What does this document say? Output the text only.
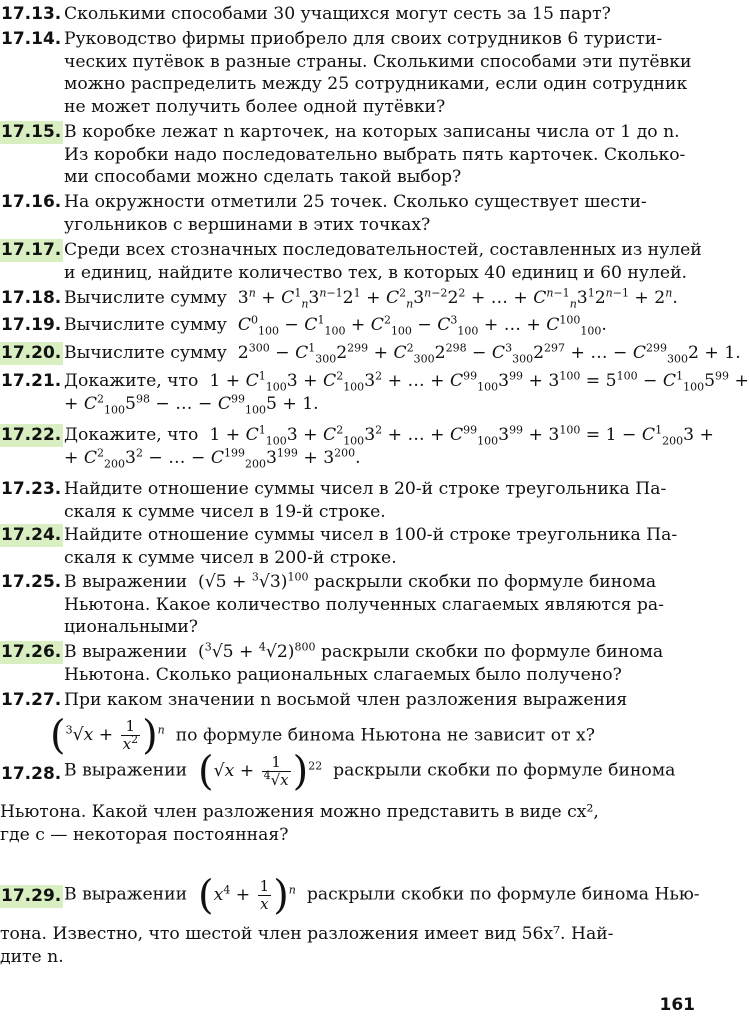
17.13. Сколькими способами 30 учащихся могут сесть за 15 парт?
17.14. Руководство фирмы приобрело для своих сотрудников 6 туристи-
ческих путёвок в разные страны. Сколькими способами эти путёвки
можно распределить между 25 сотрудниками, если один сотрудник
не может получить более одной путёвки?
17.15. В коробке лежат n карточек, на которых записаны числа от 1 до n.
Из коробки надо последовательно выбрать пять карточек. Сколько-
ми способами можно сделать такой выбор?
17.16. На окружности отметили 25 точек. Сколько существует шести-
угольников с вершинами в этих точках?
17.17. Среди всех стозначных последовательностей, составленных из нулей
и единиц, найдите количество тех, в которых 40 единиц и 60 нулей.
17.18. Вычислите сумму  $3^n + C^1_n3^{n-1}2^1 + C^2_n3^{n-2}2^2$ + … + $C^{n-1}_n3^12^{n-1} + 2^n$.
17.19. Вычислите сумму $C^0_{100} - C^1_{100} + C^2_{100} - C^3_{100}$ + … + $C^{100}_{100}$.
17.20. Вычислите сумму  $2^{300} - C^1_{300}2^{299} + C^2_{300}2^{298} - C^3_{300}2^{297}$ + … − $C^{299}_{300}2 + 1$.
17.21. Докажите, что  $1 + C^1_{100}3 + C^2_{100}3^2$ + … + $C^{99}_{100}3^{99} + 3^{100} = 5^{100} - C^1_{100}5^{99}$ +
+ $C^2_{100}5^{98}$ − … − $C^{99}_{100}5 + 1$.
17.22. Докажите, что  $1 + C^1_{100}3 + C^2_{100}3^2$ + … + $C^{99}_{100}3^{99} + 3^{100} = 1 - C^1_{200}3$ +
+ $C^2_{200}3^2$ − … − $C^{199}_{200}3^{199} + 3^{200}$.
17.23. Найдите отношение суммы чисел в 20-й строке треугольника Па-
скаля к сумме чисел в 19-й строке.
17.24. Найдите отношение суммы чисел в 100-й строке треугольника Па-
скаля к сумме чисел в 200-й строке.
17.25. В выражении  $(√5 + ^3√3)^{100}$ раскрыли скобки по формуле бинома
Ньютона. Какое количество полученных слагаемых являются ра-
циональными?
17.26. В выражении  $(^3√5 + ^4√2)^{800}$ раскрыли скобки по формуле бинома
Ньютона. Сколько рациональных слагаемых было получено?
17.27. При каком значении n восьмой член разложения выражения
$(^3√x + \frac{1}{x^2} )^n$ по формуле бинома Ньютона не зависит от x?
17.28. В выражении $(√x + \frac{1}{^4√x} )^{22}$ раскрыли скобки по формуле бинома
Ньютона. Какой член разложения можно представить в виде cx²,
где c — некоторая постоянная?
17.29. В выражении $(x^4 + \frac{1}{x} )^n$ раскрыли скобки по формуле бинома Нью-
тона. Известно, что шестой член разложения имеет вид 56x⁷. Най-
дите n.
161
